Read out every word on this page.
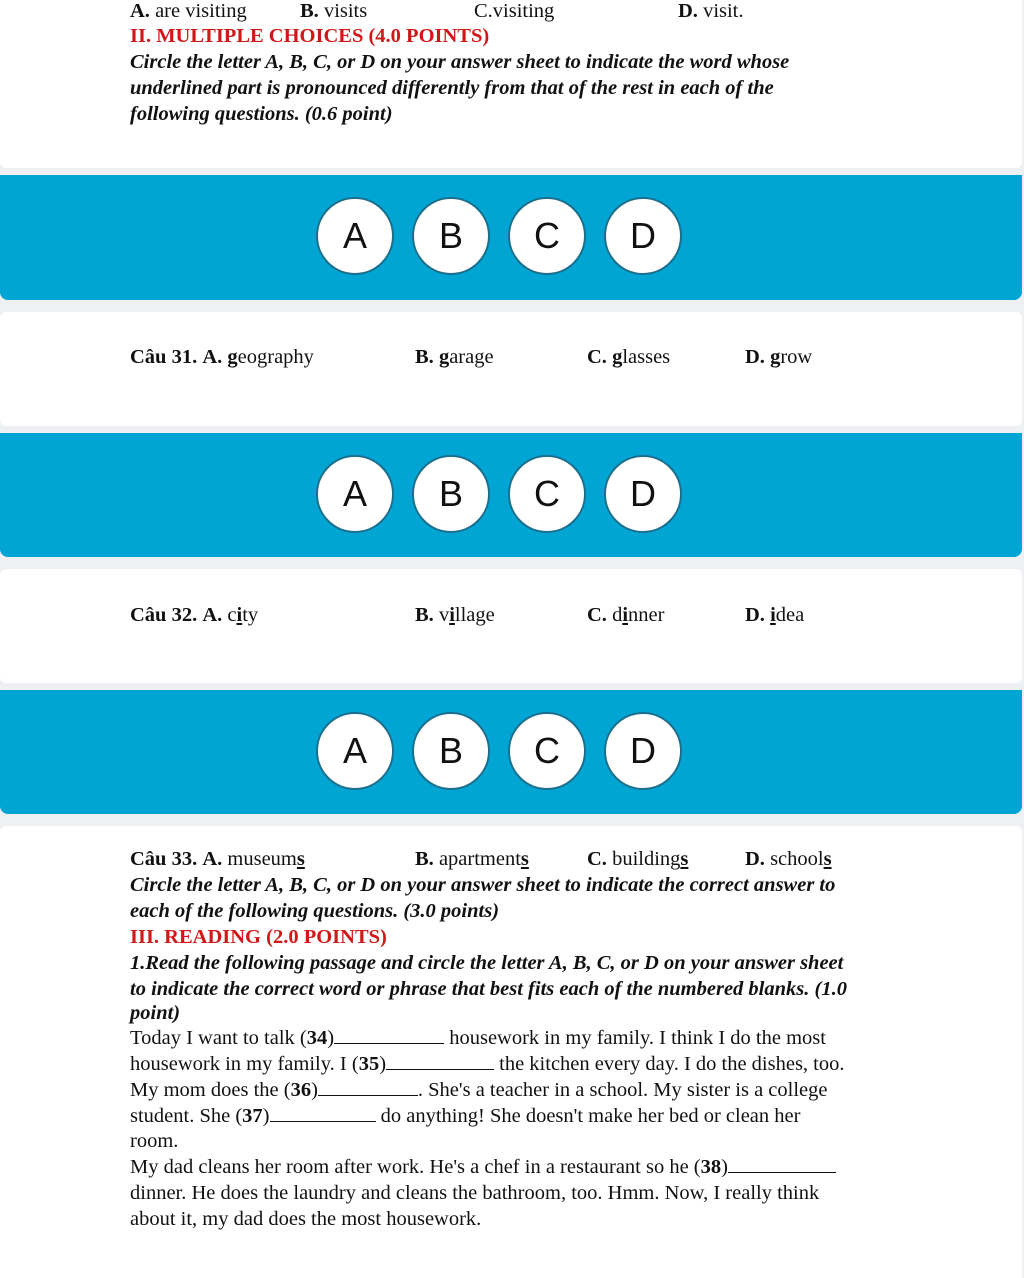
A. are visiting	B. visits	C.visiting	D. visit.
II. MULTIPLE CHOICES (4.0 POINTS)
Circle the letter A, B, C, or D on your answer sheet to indicate the word whose
underlined part is pronounced differently from that of the rest in each of the
following questions. (0.6 point)
A	B	C	D
Câu 31. A. geography	B. garage	C. glasses	D. grow
A	B	C	D
Câu 32. A. city	B. village	C. dinner	D. idea
A	B	C	D
Câu 33. A. museums	B. apartments	C. buildings	D. schools
Circle the letter A, B, C, or D on your answer sheet to indicate the correct answer to
each of the following questions. (3.0 points)
III. READING (2.0 POINTS)
1.Read the following passage and circle the letter A, B, C, or D on your answer sheet
to indicate the correct word or phrase that best fits each of the numbered blanks. (1.0
point)
Today I want to talk (34)	housework in my family. I think I do the most
housework in my family. I (35)	the kitchen every day. I do the dishes, too.
My mom does the (36)	. She's a teacher in a school. My sister is a college
student. She (37)	do anything! She doesn't make her bed or clean her
room.
My dad cleans her room after work. He's a chef in a restaurant so he (38)
dinner. He does the laundry and cleans the bathroom, too. Hmm. Now, I really think
about it, my dad does the most housework.
